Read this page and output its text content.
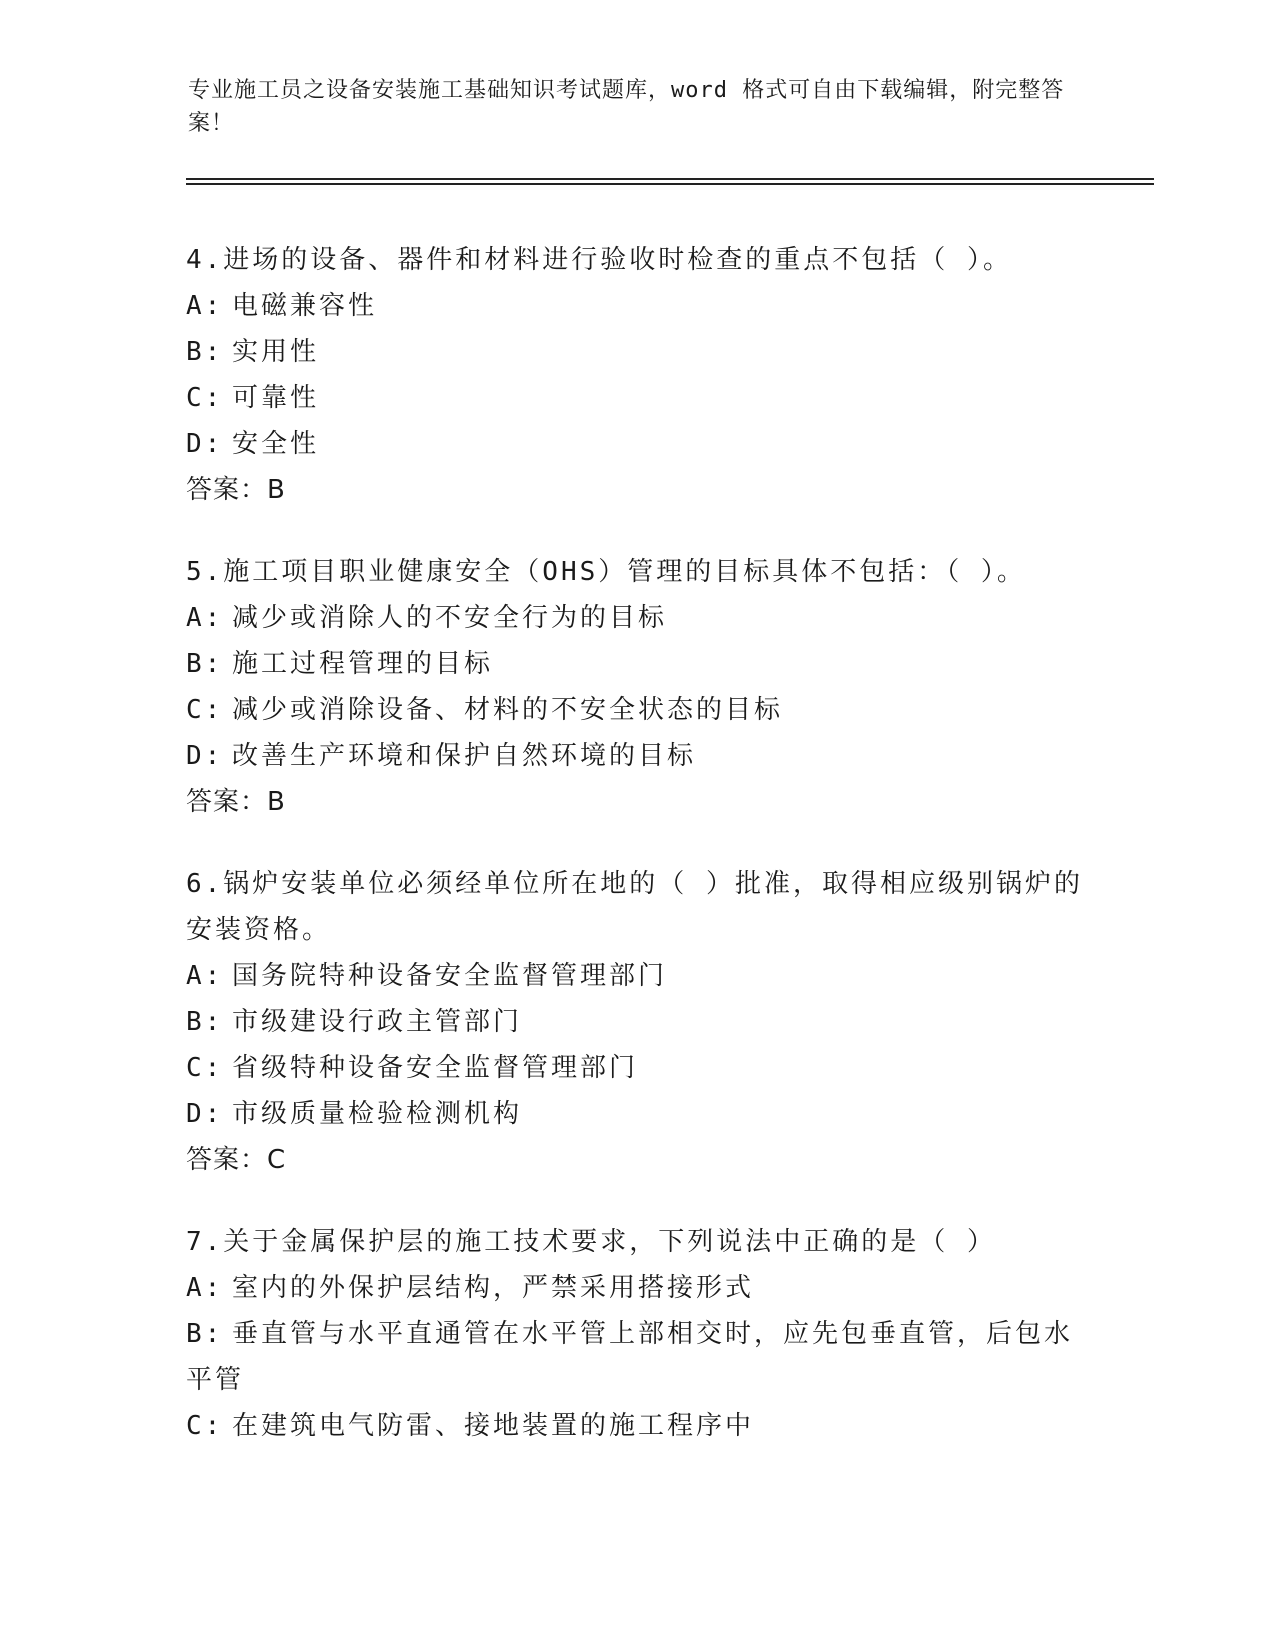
专业施工员之设备安装施工基础知识考试题库，word 格式可自由下载编辑，附完整答案！
4.进场的设备、器件和材料进行验收时检查的重点不包括（ ）。
A: 电磁兼容性
B: 实用性
C: 可靠性
D: 安全性
答案：B
5.施工项目职业健康安全（OHS）管理的目标具体不包括：（ ）。
A: 减少或消除人的不安全行为的目标
B: 施工过程管理的目标
C: 减少或消除设备、材料的不安全状态的目标
D: 改善生产环境和保护自然环境的目标
答案：B
6.锅炉安装单位必须经单位所在地的（ ）批准，取得相应级别锅炉的安装资格。
A: 国务院特种设备安全监督管理部门
B: 市级建设行政主管部门
C: 省级特种设备安全监督管理部门
D: 市级质量检验检测机构
答案：C
7.关于金属保护层的施工技术要求，下列说法中正确的是（ ）
A: 室内的外保护层结构，严禁采用搭接形式
B: 垂直管与水平直通管在水平管上部相交时，应先包垂直管，后包水平管
C: 在建筑电气防雷、接地装置的施工程序中
